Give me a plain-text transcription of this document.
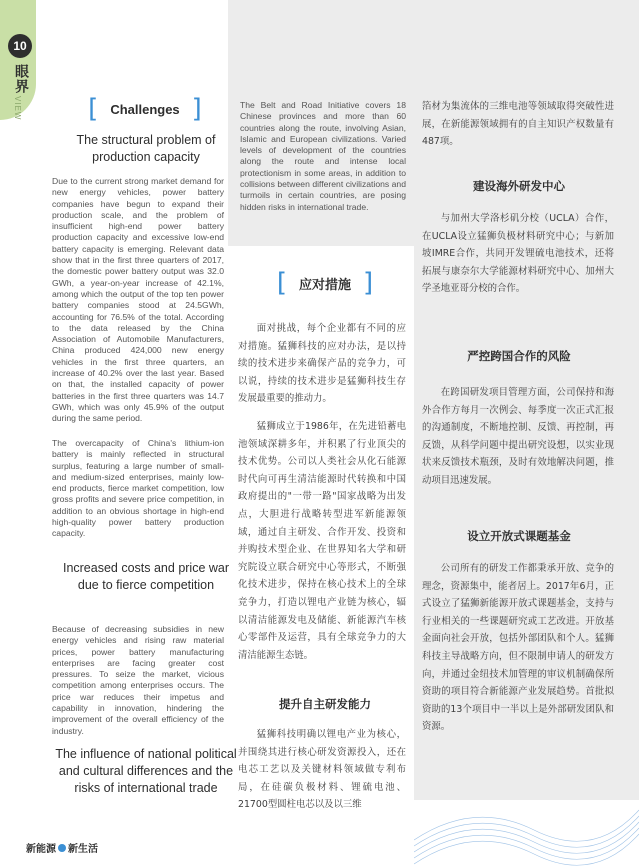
10
眼界
VIEW	[ Challenges ]
The structural problem of production capacity

Due to the current strong market demand for new energy vehicles, power battery companies have begun to expand their production scale, and the problem of insufficient high-end power battery production capacity and excessive low-end battery capacity is emerging. Relevant data show that in the first three quarters of 2017, the domestic power battery output was 32.0 GWh, a year-on-year increase of 42.1%, among which the output of the top ten power battery companies stood at 24.5GWh, accounting for 76.5% of the total. According to the data released by the China Association of Automobile Manufacturers, China produced 424,000 new energy vehicles in the first three quarters, an increase of 40.2% over the last year. Based on that, the installed capacity of power batteries in the first three quarters was 14.7 GWh, which was only 45.9% of the output during the same period.

The overcapacity of China's lithium-ion battery is mainly reflected in structural surplus, featuring a large number of small-and medium-sized enterprises, mainly low-end products, fierce market competition, low gross profits and severe price competition, in addition to an obvious shortage in high-end high-quality power battery production capacity.

Increased costs and price war due to fierce competition

Because of decreasing subsidies in new energy vehicles and rising raw material prices, power battery manufacturing enterprises are facing greater cost pressures. To seize the market, vicious competition among enterprises occurs. The price war reduces their impetus and capability in innovation, hindering the improvement of the overall efficiency of the industry.

The influence of national political and cultural differences and the risks of international trade

The Belt and Road Initiative covers 18 Chinese provinces and more than 60 countries along the route, involving Asian, Islamic and European civilizations. Varied levels of development of the countries along the route and intense local protectionism in some areas, in addition to collisions between different civilizations and turmoils in certain countries, are posing hidden risks in international trade.

[ 应对措施 ]

面对挑战，每个企业都有不同的应对措施。猛狮科技的应对办法，是以持续的技术进步来确保产品的竞争力，可以说，持续的技术进步是猛狮科技生存发展最重要的推动力。

猛狮成立于1986年，在先进铅蓄电池领域深耕多年，并积累了行业顶尖的技术优势。公司以人类社会从化石能源时代向可再生清洁能源时代转换和中国政府提出的"一带一路"国家战略为出发点，大胆进行战略转型进军新能源领域，通过自主研发、合作开发、投资和并购技术型企业、在世界知名大学和研究院设立联合研究中心等形式，不断强化技术进步，保持在核心技术上的全球竞争力，打造以锂电产业链为核心，辐以清洁能源发电及储能、新能源汽车核心零部件及运营，具有全球竞争力的大清洁能源生态链。

提升自主研发能力

猛狮科技明确以锂电产业为核心，并围绕其进行核心研发资源投入，还在电芯工艺以及关键材料领域做专利布局，在硅碳负极材料、锂硫电池、21700型圆柱电芯以及以三维

箔材为集流体的三维电池等领域取得突破性进展，在新能源领域拥有的自主知识产权数量有487项。

建设海外研发中心

与加州大学洛杉矶分校（UCLA）合作，在UCLA设立猛狮负极材料研究中心；与新加坡IMRE合作，共同开发锂硫电池技术，还将拓展与康奈尔大学能源材料研究中心、加州大学圣地亚哥分校的合作。

严控跨国合作的风险

在跨国研发项目管理方面，公司保持和海外合作方每月一次例会、每季度一次正式汇报的沟通制度，不断地控制、反馈、再控制，再反馈，从科学问题中提出研究设想，以实业现状来反馈技术瓶颈，及时有效地解决问题，推动项目迅速发展。

设立开放式课题基金

公司所有的研发工作都秉承开放、竞争的理念，资源集中，能者居上。2017年6月，正式设立了猛狮新能源开放式课题基金，支持与行业相关的一些课题研究或工艺改进。开放基金面向社会开放，包括外部团队和个人。猛狮科技主导战略方向，但不限制申请人的研发方向，并通过金纽技术加管理的审议机制确保所资助的项目符合新能源产业发展趋势。首批拟资助的13个项目中一半以上是外部研发团队和资源。

新能源 新生活
